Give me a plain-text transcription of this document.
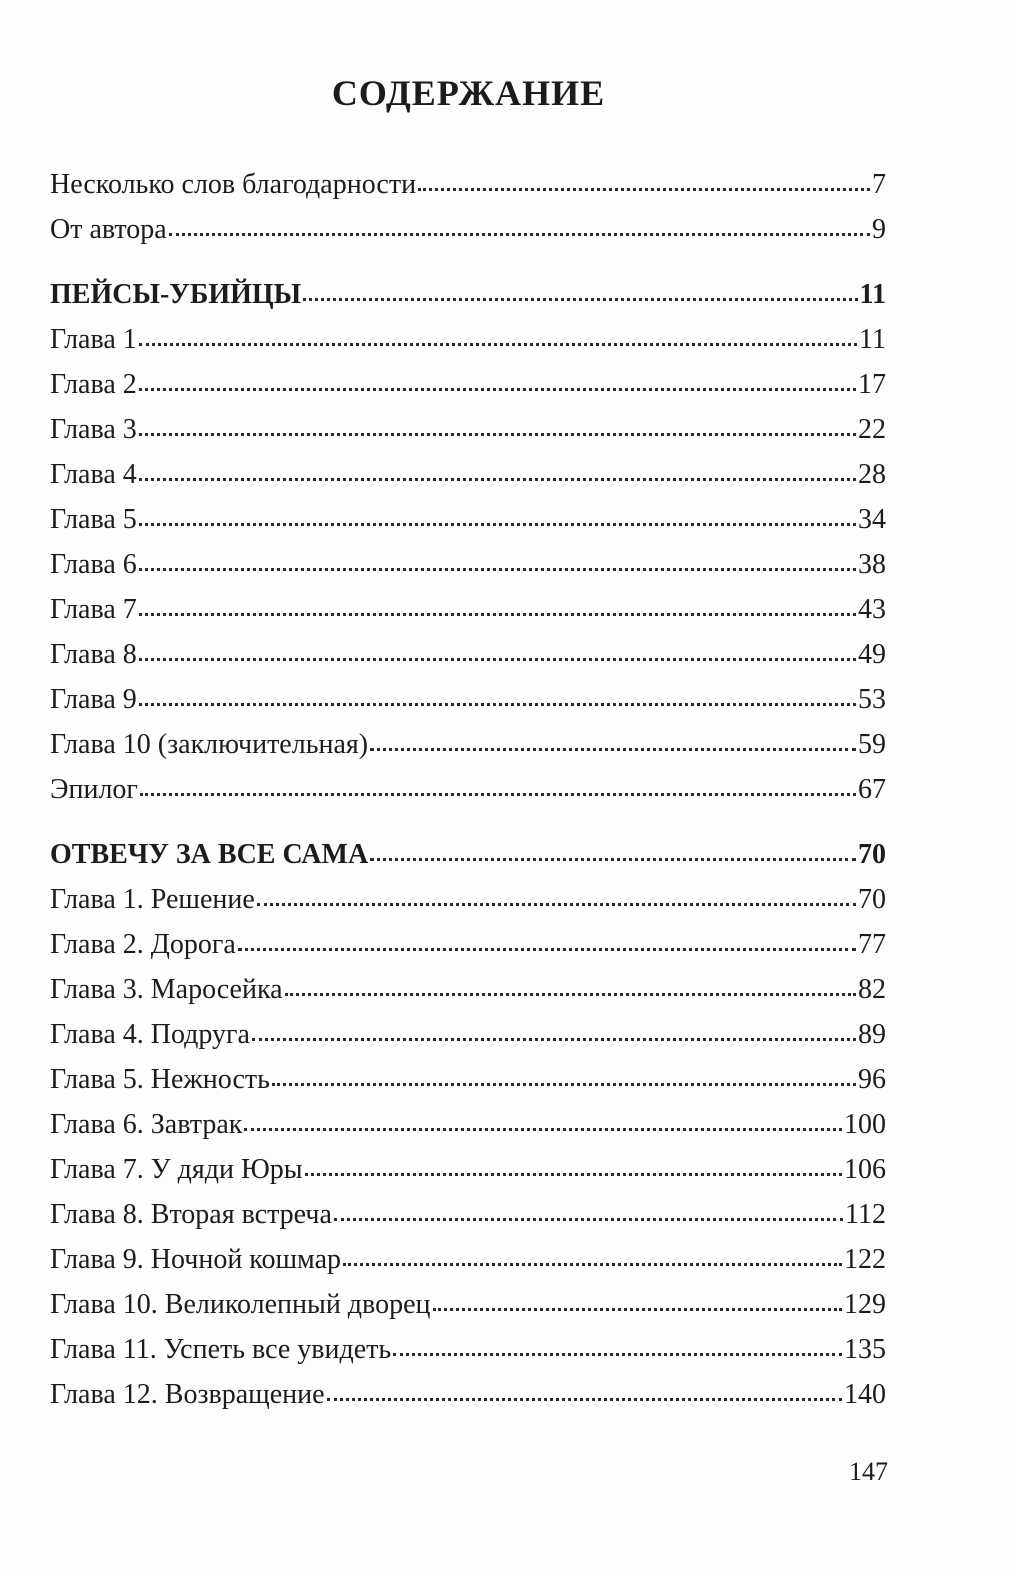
СОДЕРЖАНИЕ
Несколько слов благодарности	7
От автора	9
ПЕЙСЫ-УБИЙЦЫ	11
Глава 1	11
Глава 2	17
Глава 3	22
Глава 4	28
Глава 5	34
Глава 6	38
Глава 7	43
Глава 8	49
Глава 9	53
Глава 10 (заключительная)	59
Эпилог	67
ОТВЕЧУ ЗА ВСЕ САМА	70
Глава 1. Решение	70
Глава 2. Дорога	77
Глава 3. Маросейка	82
Глава 4. Подруга	89
Глава 5. Нежность	96
Глава 6. Завтрак	100
Глава 7. У дяди Юры	106
Глава 8. Вторая встреча	112
Глава 9. Ночной кошмар	122
Глава 10. Великолепный дворец	129
Глава 11. Успеть все увидеть	135
Глава 12. Возвращение	140
147
